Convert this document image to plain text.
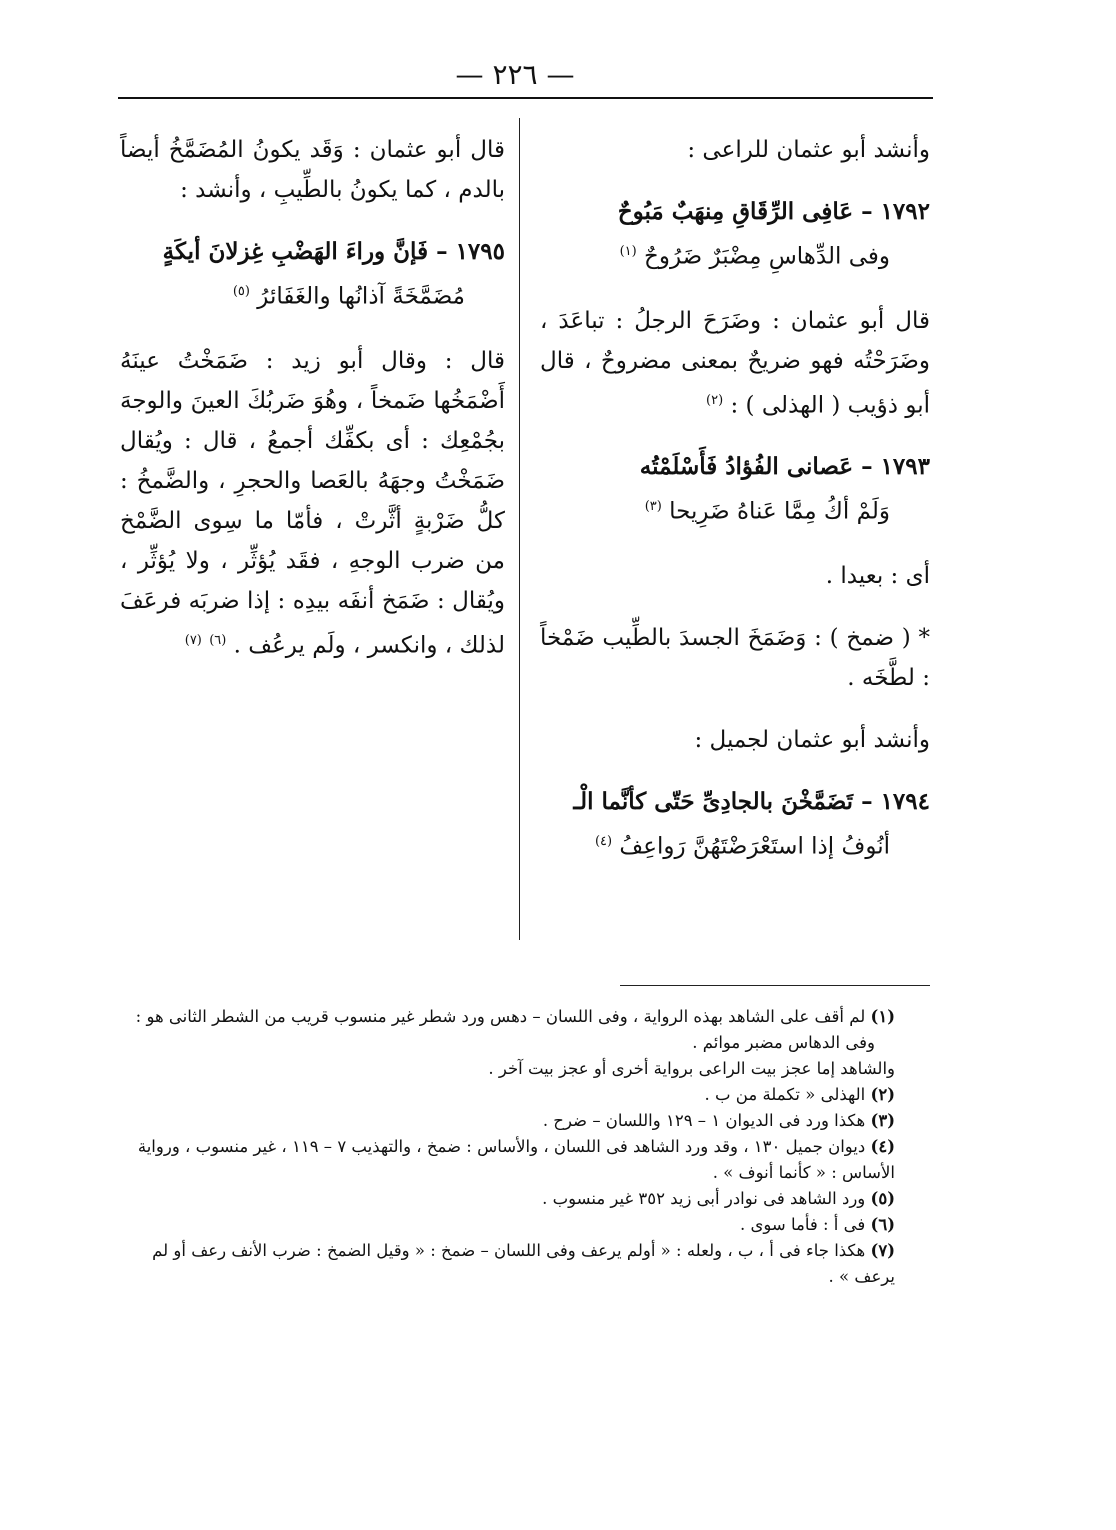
— ٢٢٦ —

وأنشد أبو عثمان للراعى :

١٧٩٢ – عَافِى الرِّقَاقِ مِنهَبٌ مَبُوحٌ

وفى الدِّهاسِ مِضْبَرٌ ضَرُوحٌ $^{(١)}$

قال أبو عثمان : وضَرَحَ الرجلُ : تباعَدَ ، وضَرَحْتُه فهو ضريحٌ بمعنى مضروحٌ ، قال أبو ذؤيب ( الهذلى ) : $^{(٢)}$

١٧٩٣ – عَصانى الفُؤادُ فَأَسْلَمْتُه

وَلَمْ أكُ مِمَّا عَناهُ ضَرِيحا $^{(٣)}$

أى : بعيدا .

* ( ضمخ ) : وَضَمَخَ الجسدَ بالطِّيب ضَمْخاً : لطَّخَه .

وأنشد أبو عثمان لجميل :

١٧٩٤ – تَضَمَّخْنَ بالجادِىِّ حَتّى كأنَّما الْـ

أنُوفُ إذا استَعْرَضْتَهُنَّ رَواعِفُ $^{(٤)}$

قال أبو عثمان : وَقَد يكونُ المُضَمَّخُ أيضاً بالدم ، كما يكونُ بالطِّيبِ ، وأنشد :

١٧٩٥ – فَإنَّ وراءَ الهَضْبِ غِزلانَ أيكَةٍ

مُضَمَّخَةً آذانُها والغَفَائرُ $^{(٥)}$

قال : وقال أبو زيد : ضَمَخْتُ عينَهُ أَضْمَخُها ضَمخاً ، وهُوَ ضَربُكَ العينَ والوجهَ بجُمْعِك : أى بكفِّك أجمعُ ، قال : ويُقال ضَمَخْتُ وجهَهُ بالعَصا والحجرِ ، والضَّمخُ : كلُّ ضَرْبةٍ أثَّرتْ ، فأمّا ما سِوى الضَّمْخ من ضرب الوجهِ ، فقَد يُؤثِّر ، ولا يُؤثِّر ، ويُقال : ضَمَخ أنفَه بيدِه : إذا ضربَه فرعَفَ لذلك ، وانكسر ، ولَم يرعُف . $^{(٦)}$ $^{(٧)}$

(١) لم أقف على الشاهد بهذه الرواية ، وفى اللسان – دهس ورد شطر غير منسوب قريب من الشطر الثانى هو :

وفى الدهاس مضبر موائم .

والشاهد إما عجز بيت الراعى برواية أخرى أو عجز بيت آخر .

(٢) الهذلى « تكملة من ب .

(٣) هكذا ورد فى الديوان ١ – ١٢٩ واللسان – ضرح .

(٤) ديوان جميل ١٣٠ ، وقد ورد الشاهد فى اللسان ، والأساس : ضمخ ، والتهذيب ٧ – ١١٩ ، غير منسوب ، ورواية الأساس : « كأنما أنوف » .

(٥) ورد الشاهد فى نوادر أبى زيد ٣٥٢ غير منسوب .

(٦) فى أ : فأما سوى .

(٧) هكذا جاء فى أ ، ب ، ولعله : « أولم يرعف وفى اللسان – ضمخ : « وقيل الضمخ : ضرب الأنف رعف أو لم يرعف » .
